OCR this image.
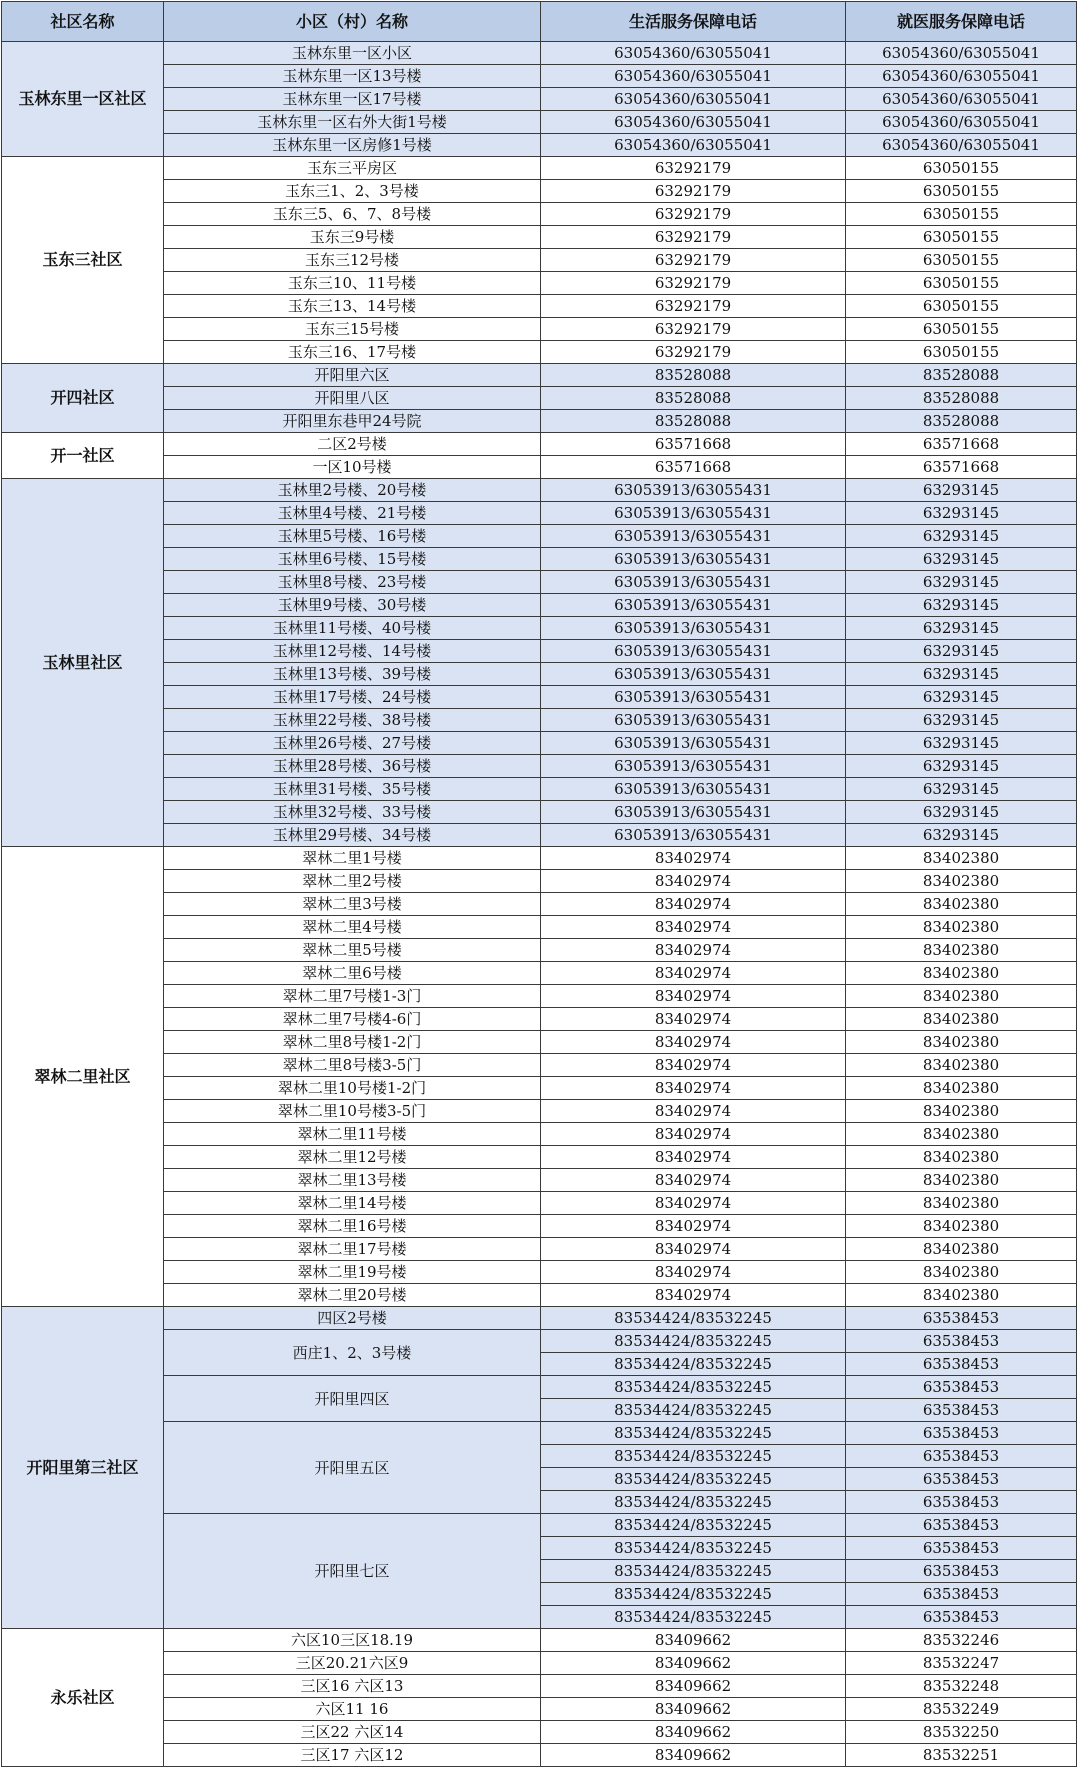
社区名称	小区（村）名称	生活服务保障电话	就医服务保障电话
玉林东里一区社区	玉林东里一区小区	63054360/63055041	63054360/63055041
	玉林东里一区13号楼	63054360/63055041	63054360/63055041
	玉林东里一区17号楼	63054360/63055041	63054360/63055041
	玉林东里一区右外大街1号楼	63054360/63055041	63054360/63055041
	玉林东里一区房修1号楼	63054360/63055041	63054360/63055041
玉东三社区	玉东三平房区	63292179	63050155
	玉东三1、2、3号楼	63292179	63050155
	玉东三5、6、7、8号楼	63292179	63050155
	玉东三9号楼	63292179	63050155
	玉东三12号楼	63292179	63050155
	玉东三10、11号楼	63292179	63050155
	玉东三13、14号楼	63292179	63050155
	玉东三15号楼	63292179	63050155
	玉东三16、17号楼	63292179	63050155
开四社区	开阳里六区	83528088	83528088
	开阳里八区	83528088	83528088
	开阳里东巷甲24号院	83528088	83528088
开一社区	二区2号楼	63571668	63571668
	一区10号楼	63571668	63571668
玉林里社区	玉林里2号楼、20号楼	63053913/63055431	63293145
	玉林里4号楼、21号楼	63053913/63055431	63293145
	玉林里5号楼、16号楼	63053913/63055431	63293145
	玉林里6号楼、15号楼	63053913/63055431	63293145
	玉林里8号楼、23号楼	63053913/63055431	63293145
	玉林里9号楼、30号楼	63053913/63055431	63293145
	玉林里11号楼、40号楼	63053913/63055431	63293145
	玉林里12号楼、14号楼	63053913/63055431	63293145
	玉林里13号楼、39号楼	63053913/63055431	63293145
	玉林里17号楼、24号楼	63053913/63055431	63293145
	玉林里22号楼、38号楼	63053913/63055431	63293145
	玉林里26号楼、27号楼	63053913/63055431	63293145
	玉林里28号楼、36号楼	63053913/63055431	63293145
	玉林里31号楼、35号楼	63053913/63055431	63293145
	玉林里32号楼、33号楼	63053913/63055431	63293145
	玉林里29号楼、34号楼	63053913/63055431	63293145
翠林二里社区	翠林二里1号楼	83402974	83402380
	翠林二里2号楼	83402974	83402380
	翠林二里3号楼	83402974	83402380
	翠林二里4号楼	83402974	83402380
	翠林二里5号楼	83402974	83402380
	翠林二里6号楼	83402974	83402380
	翠林二里7号楼1-3门	83402974	83402380
	翠林二里7号楼4-6门	83402974	83402380
	翠林二里8号楼1-2门	83402974	83402380
	翠林二里8号楼3-5门	83402974	83402380
	翠林二里10号楼1-2门	83402974	83402380
	翠林二里10号楼3-5门	83402974	83402380
	翠林二里11号楼	83402974	83402380
	翠林二里12号楼	83402974	83402380
	翠林二里13号楼	83402974	83402380
	翠林二里14号楼	83402974	83402380
	翠林二里16号楼	83402974	83402380
	翠林二里17号楼	83402974	83402380
	翠林二里19号楼	83402974	83402380
	翠林二里20号楼	83402974	83402380
开阳里第三社区	四区2号楼	83534424/83532245	63538453
	西庄1、2、3号楼	83534424/83532245	63538453
		83534424/83532245	63538453
	开阳里四区	83534424/83532245	63538453
		83534424/83532245	63538453
	开阳里五区	83534424/83532245	63538453
		83534424/83532245	63538453
		83534424/83532245	63538453
		83534424/83532245	63538453
	开阳里七区	83534424/83532245	63538453
		83534424/83532245	63538453
		83534424/83532245	63538453
		83534424/83532245	63538453
		83534424/83532245	63538453
永乐社区	六区10三区18.19	83409662	83532246
	三区20.21六区9	83409662	83532247
	三区16 六区13	83409662	83532248
	六区11 16	83409662	83532249
	三区22 六区14	83409662	83532250
	三区17 六区12	83409662	83532251
